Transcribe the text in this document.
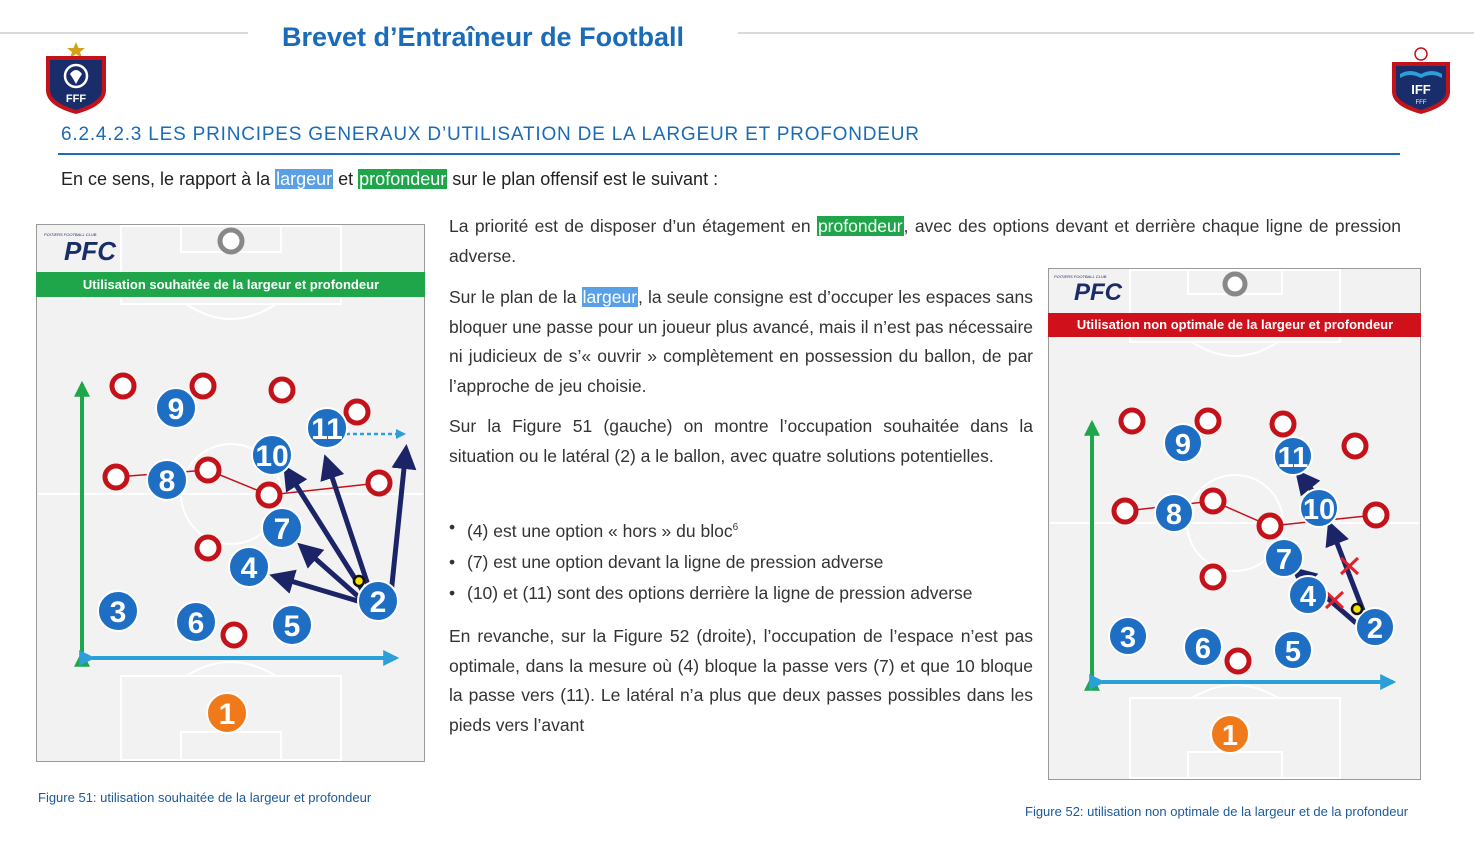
Brevet d’Entraîneur de Football
FFF
IFF
FFF
6.2.4.2.3 LES PRINCIPES GENERAUX D’UTILISATION DE LA LARGEUR ET PROFONDEUR
En ce sens, le rapport à la largeur et profondeur sur le plan offensif est le suivant :
La priorité est de disposer d’un étagement en profondeur, avec des options devant et derrière chaque ligne de pression adverse.
Sur le plan de la largeur, la seule consigne est d’occuper les espaces sans bloquer une passe pour un joueur plus avancé, mais il n’est pas nécessaire ni judicieux de s’« ouvrir » complètement en possession du ballon, de par l’approche de jeu choisie.
Sur la Figure 51 (gauche) on montre l’occupation souhaitée dans la situation ou le latéral (2) a le ballon, avec quatre solutions potentielles.
• (4) est une option « hors » du bloc$^6$
• (7) est une option devant la ligne de pression adverse
• (10) et (11) sont des options derrière la ligne de pression adverse
En revanche, sur la Figure 52 (droite), l’occupation de l’espace n’est pas optimale, dans la mesure où (4) bloque la passe vers (7) et que 10 bloque la passe vers (11). Le latéral n’a plus que deux passes possibles dans les pieds vers l’avant
POITIERS FOOTBALL CLUB
PFC
Utilisation souhaitée de la largeur et profondeur
9
11
10
8
7
4
2
3 6	5
1
Figure 51: utilisation souhaitée de la largeur et profondeur
POITIERS FOOTBALL CLUB
PFC
Utilisation non optimale de la largeur et profondeur
9	11
10
8
7
4
2
3 6	5
1
Figure 52: utilisation non optimale de la largeur et de la profondeur
